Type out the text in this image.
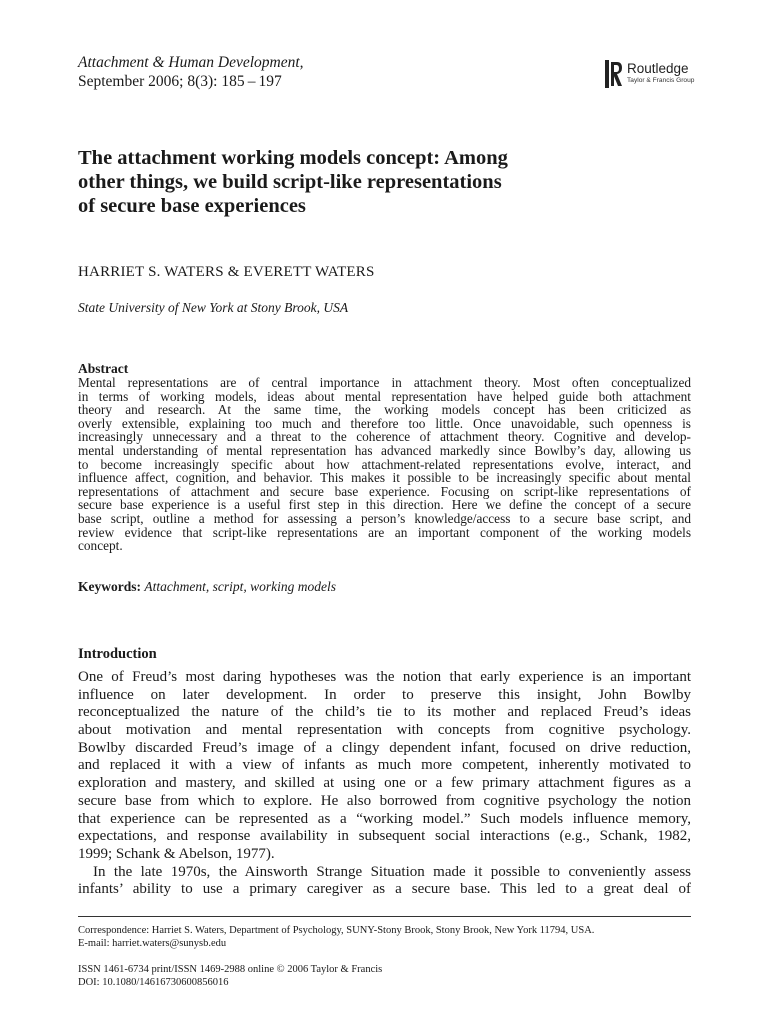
Attachment & Human Development,
September 2006; 8(3): 185 – 197
Routledge
Taylor & Francis Group
The attachment working models concept: Among
other things, we build script-like representations
of secure base experiences
HARRIET S. WATERS & EVERETT WATERS
State University of New York at Stony Brook, USA
Abstract
Mental representations are of central importance in attachment theory. Most often conceptualized
in terms of working models, ideas about mental representation have helped guide both attachment
theory and research. At the same time, the working models concept has been criticized as
overly extensible, explaining too much and therefore too little. Once unavoidable, such openness is
increasingly unnecessary and a threat to the coherence of attachment theory. Cognitive and develop-
mental understanding of mental representation has advanced markedly since Bowlby’s day, allowing us
to become increasingly specific about how attachment-related representations evolve, interact, and
influence affect, cognition, and behavior. This makes it possible to be increasingly specific about mental
representations of attachment and secure base experience. Focusing on script-like representations of
secure base experience is a useful first step in this direction. Here we define the concept of a secure
base script, outline a method for assessing a person’s knowledge/access to a secure base script, and
review evidence that script-like representations are an important component of the working models
concept.
Keywords: Attachment, script, working models
Introduction
One of Freud’s most daring hypotheses was the notion that early experience is an important
influence on later development. In order to preserve this insight, John Bowlby
reconceptualized the nature of the child’s tie to its mother and replaced Freud’s ideas
about motivation and mental representation with concepts from cognitive psychology.
Bowlby discarded Freud’s image of a clingy dependent infant, focused on drive reduction,
and replaced it with a view of infants as much more competent, inherently motivated to
exploration and mastery, and skilled at using one or a few primary attachment figures as a
secure base from which to explore. He also borrowed from cognitive psychology the notion
that experience can be represented as a “working model.” Such models influence memory,
expectations, and response availability in subsequent social interactions (e.g., Schank, 1982,
1999; Schank & Abelson, 1977).
 In the late 1970s, the Ainsworth Strange Situation made it possible to conveniently assess
infants’ ability to use a primary caregiver as a secure base. This led to a great deal of
Correspondence: Harriet S. Waters, Department of Psychology, SUNY-Stony Brook, Stony Brook, New York 11794, USA.
E-mail: harriet.waters@sunysb.edu
ISSN 1461-6734 print/ISSN 1469-2988 online © 2006 Taylor & Francis
DOI: 10.1080/14616730600856016
